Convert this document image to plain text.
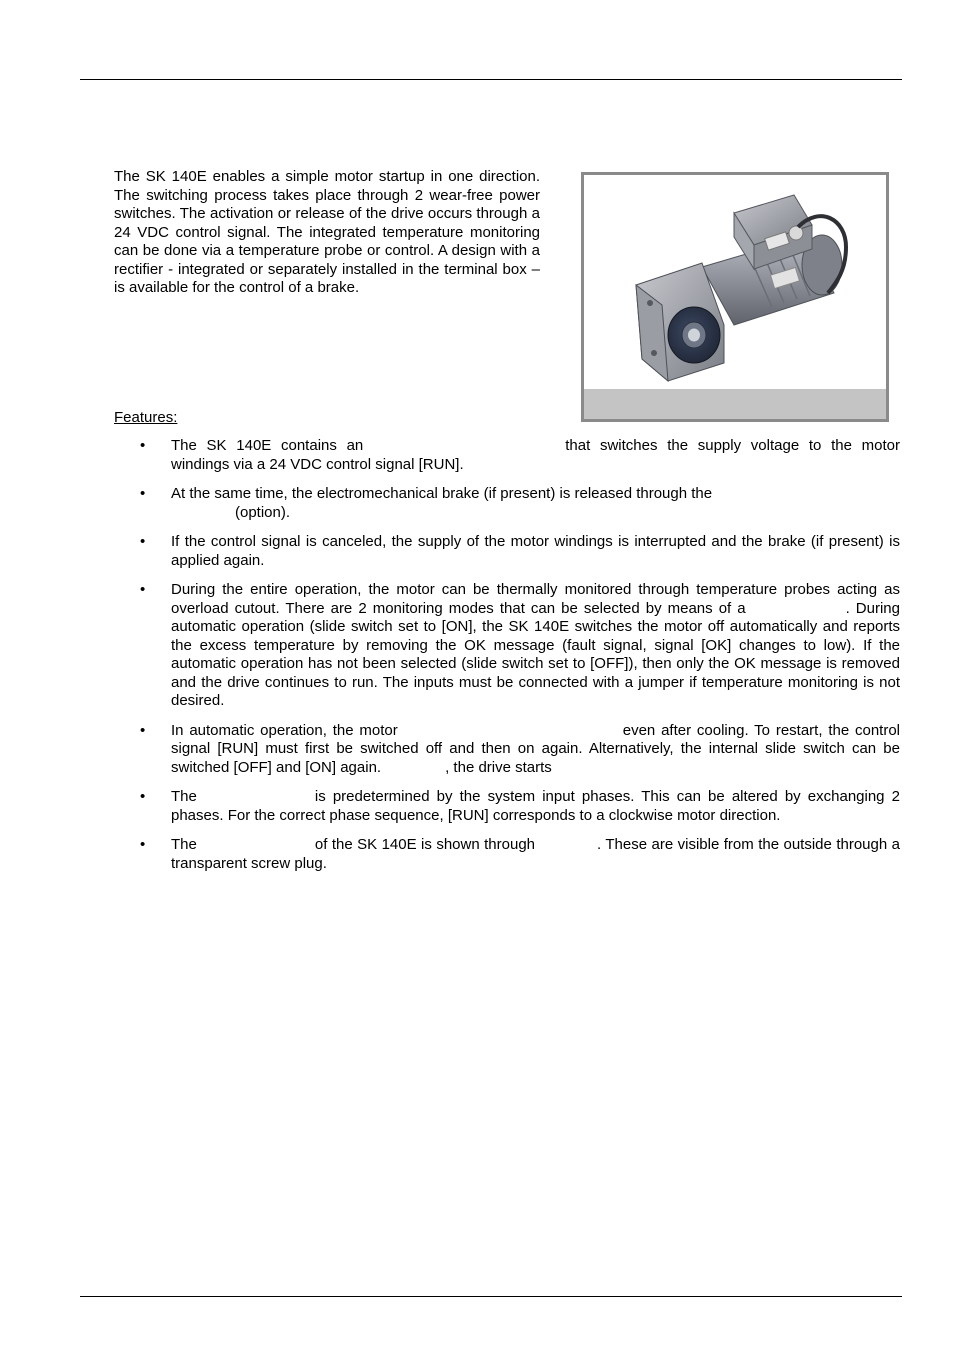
The SK 140E enables a simple motor startup in one direction. The switching process takes place through 2 wear-free power switches. The activation or release of the drive occurs through a 24 VDC control signal. The integrated temperature monitoring can be done via a temperature probe or control. A design with a rectifier - integrated or separately installed in the terminal box – is available for the control of a brake.

Features:

•	The SK 140E contains an	that switches the supply voltage to the motor windings via a 24 VDC control signal [RUN].
•	At the same time, the electromechanical brake (if present) is released through the(option).
•	If the control signal is canceled, the supply of the motor windings is interrupted and the brake (if present) is applied again.
•	During the entire operation, the motor can be thermally monitored through temperature probes acting as overload cutout. There are 2 monitoring modes that can be selected by means of a	. During automatic operation (slide switch set to [ON], the SK 140E switches the motor off automatically and reports the excess temperature by removing the OK message (fault signal, signal [OK] changes to low). If the automatic operation has not been selected (slide switch set to [OFF]), then only the OK message is removed and the drive continues to run. The inputs must be connected with a jumper if temperature monitoring is not desired.
•	In automatic operation, the motor	even after cooling. To restart, the control signal [RUN] must first be switched off and then on again. Alternatively, the internal slide switch can be switched [OFF] and [ON] again.	, the drive starts
•	The	is predetermined by the system input phases. This can be altered by exchanging 2 phases. For the correct phase sequence, [RUN] corresponds to a clockwise motor direction.
•	The	of the SK 140E is shown through	. These are visible from the outside through a transparent screw plug.
